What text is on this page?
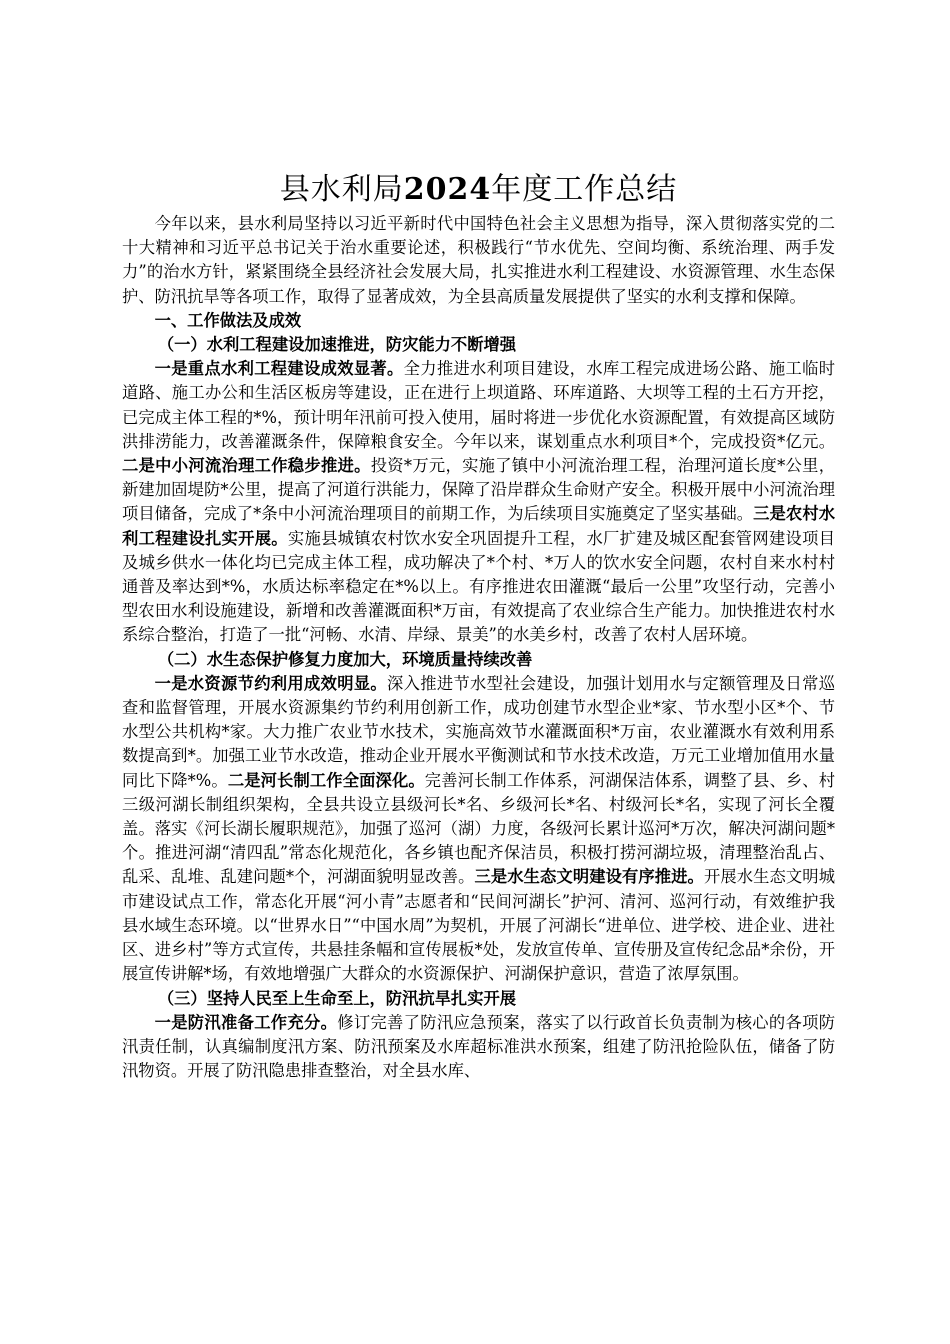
县水利局2024年度工作总结

今年以来，县水利局坚持以习近平新时代中国特色社会主义思想为指导，深入贯彻落实党的二十大精神和习近平总书记关于治水重要论述，积极践行“节水优先、空间均衡、系统治理、两手发力”的治水方针，紧紧围绕全县经济社会发展大局，扎实推进水利工程建设、水资源管理、水生态保护、防汛抗旱等各项工作，取得了显著成效，为全县高质量发展提供了坚实的水利支撑和保障。

一、工作做法及成效

（一）水利工程建设加速推进，防灾能力不断增强

一是重点水利工程建设成效显著。全力推进水利项目建设，水库工程完成进场公路、施工临时道路、施工办公和生活区板房等建设，正在进行上坝道路、环库道路、大坝等工程的土石方开挖，已完成主体工程的*%，预计明年汛前可投入使用，届时将进一步优化水资源配置，有效提高区域防洪排涝能力，改善灌溉条件，保障粮食安全。今年以来，谋划重点水利项目*个，完成投资*亿元。二是中小河流治理工作稳步推进。投资*万元，实施了镇中小河流治理工程，治理河道长度*公里，新建加固堤防*公里，提高了河道行洪能力，保障了沿岸群众生命财产安全。积极开展中小河流治理项目储备，完成了*条中小河流治理项目的前期工作，为后续项目实施奠定了坚实基础。三是农村水利工程建设扎实开展。实施县城镇农村饮水安全巩固提升工程，水厂扩建及城区配套管网建设项目及城乡供水一体化均已完成主体工程，成功解决了*个村、*万人的饮水安全问题，农村自来水村村通普及率达到*%，水质达标率稳定在*%以上。有序推进农田灌溉“最后一公里”攻坚行动，完善小型农田水利设施建设，新增和改善灌溉面积*万亩，有效提高了农业综合生产能力。加快推进农村水系综合整治，打造了一批“河畅、水清、岸绿、景美”的水美乡村，改善了农村人居环境。

（二）水生态保护修复力度加大，环境质量持续改善

一是水资源节约利用成效明显。深入推进节水型社会建设，加强计划用水与定额管理及日常巡查和监督管理，开展水资源集约节约利用创新工作，成功创建节水型企业*家、节水型小区*个、节水型公共机构*家。大力推广农业节水技术，实施高效节水灌溉面积*万亩，农业灌溉水有效利用系数提高到*。加强工业节水改造，推动企业开展水平衡测试和节水技术改造，万元工业增加值用水量同比下降*%。二是河长制工作全面深化。完善河长制工作体系，河湖保洁体系，调整了县、乡、村三级河湖长制组织架构，全县共设立县级河长*名、乡级河长*名、村级河长*名，实现了河长全覆盖。落实《河长湖长履职规范》，加强了巡河（湖）力度，各级河长累计巡河*万次，解决河湖问题*个。推进河湖“清四乱”常态化规范化，各乡镇也配齐保洁员，积极打捞河湖垃圾，清理整治乱占、乱采、乱堆、乱建问题*个，河湖面貌明显改善。三是水生态文明建设有序推进。开展水生态文明城市建设试点工作，常态化开展“河小青”志愿者和“民间河湖长”护河、清河、巡河行动，有效维护我县水域生态环境。以“世界水日”“中国水周”为契机，开展了河湖长“进单位、进学校、进企业、进社区、进乡村”等方式宣传，共悬挂条幅和宣传展板*处，发放宣传单、宣传册及宣传纪念品*余份，开展宣传讲解*场，有效地增强广大群众的水资源保护、河湖保护意识，营造了浓厚氛围。

（三）坚持人民至上生命至上，防汛抗旱扎实开展

一是防汛准备工作充分。修订完善了防汛应急预案，落实了以行政首长负责制为核心的各项防汛责任制，认真编制度汛方案、防汛预案及水库超标准洪水预案，组建了防汛抢险队伍，储备了防汛物资。开展了防汛隐患排查整治，对全县水库、
